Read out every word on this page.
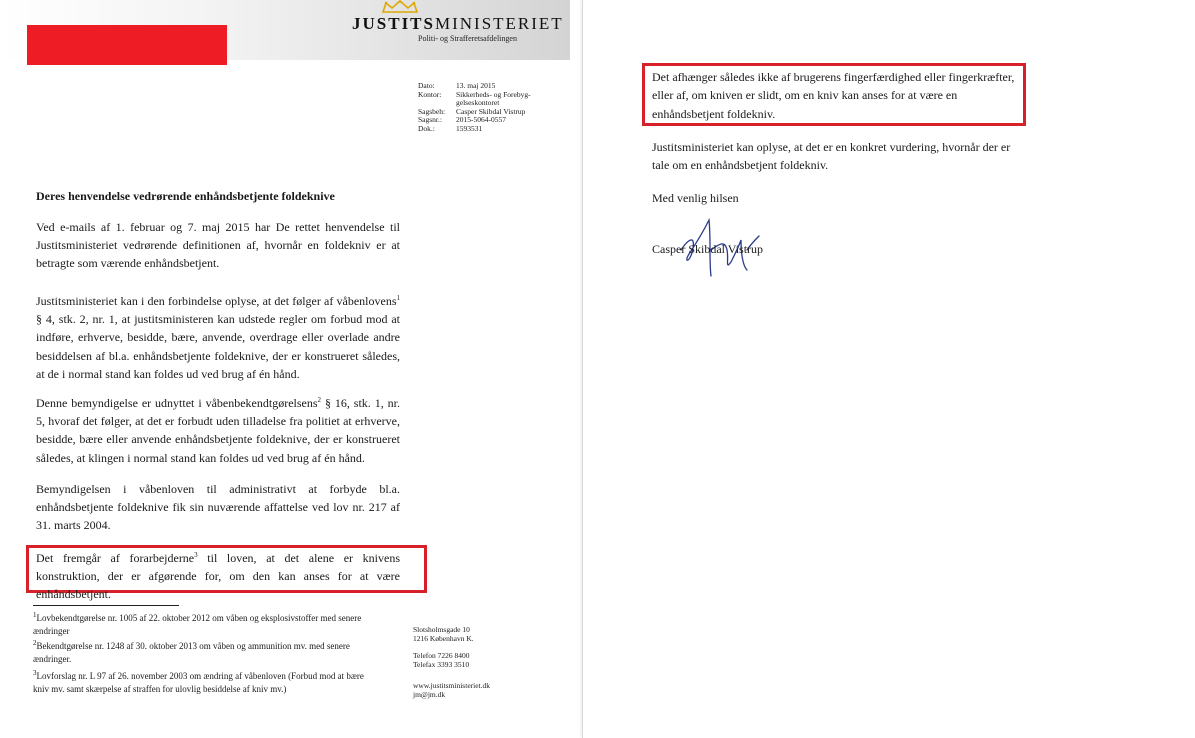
JUSTITSMINISTERIET
Politi- og Strafferetsafdelingen
Dato:	13. maj 2015
Kontor:	Sikkerheds- og Forebyg-
gelseskontoret
Sagsbeh:	Casper Skibdal Vistrup
Sagsnr.:	2015-5064-0557
Dok.:	1593531
Deres henvendelse vedrørende enhåndsbetjente foldeknive
Ved e-mails af 1. februar og 7. maj 2015 har De rettet henvendelse til Justitsministeriet vedrørende definitionen af, hvornår en foldekniv er at betragte som værende enhåndsbetjent.
Justitsministeriet kan i den forbindelse oplyse, at det følger af våbenlovens$^1$ § 4, stk. 2, nr. 1, at justitsministeren kan udstede regler om forbud mod at indføre, erhverve, besidde, bære, anvende, overdrage eller overlade andre besiddelsen af bl.a. enhåndsbetjente foldeknive, der er konstrueret således, at de i normal stand kan foldes ud ved brug af én hånd.
Denne bemyndigelse er udnyttet i våbenbekendtgørelsens$^2$ § 16, stk. 1, nr. 5, hvoraf det følger, at det er forbudt uden tilladelse fra politiet at erhverve, besidde, bære eller anvende enhåndsbetjente foldeknive, der er konstrueret således, at klingen i normal stand kan foldes ud ved brug af én hånd.
Bemyndigelsen i våbenloven til administrativt at forbyde bl.a. enhåndsbetjente foldeknive fik sin nuværende affattelse ved lov nr. 217 af 31. marts 2004.
Det fremgår af forarbejderne$^3$ til loven, at det alene er knivens konstruktion, der er afgørende for, om den kan anses for at være enhåndsbetjent.
$^1$Lovbekendtgørelse nr. 1005 af 22. oktober 2012 om våben og eksplosivstoffer med senere ændringer
$^2$Bekendtgørelse nr. 1248 af 30. oktober 2013 om våben og ammunition mv. med senere ændringer.
$^3$Lovforslag nr. L 97 af 26. november 2003 om ændring af våbenloven (Forbud mod at bære kniv mv. samt skærpelse af straffen for ulovlig besiddelse af kniv mv.)
Slotsholmsgade 10
1216 København K.
Telefon 7226 8400
Telefax 3393 3510
www.justitsministeriet.dk
jm@jm.dk
Det afhænger således ikke af brugerens fingerfærdighed eller fingerkræfter, eller af, om kniven er slidt, om en kniv kan anses for at være en enhåndsbetjent foldekniv.
Justitsministeriet kan oplyse, at det er en konkret vurdering, hvornår der er tale om en enhåndsbetjent foldekniv.
Med venlig hilsen
Casper Skibdal Vistrup
